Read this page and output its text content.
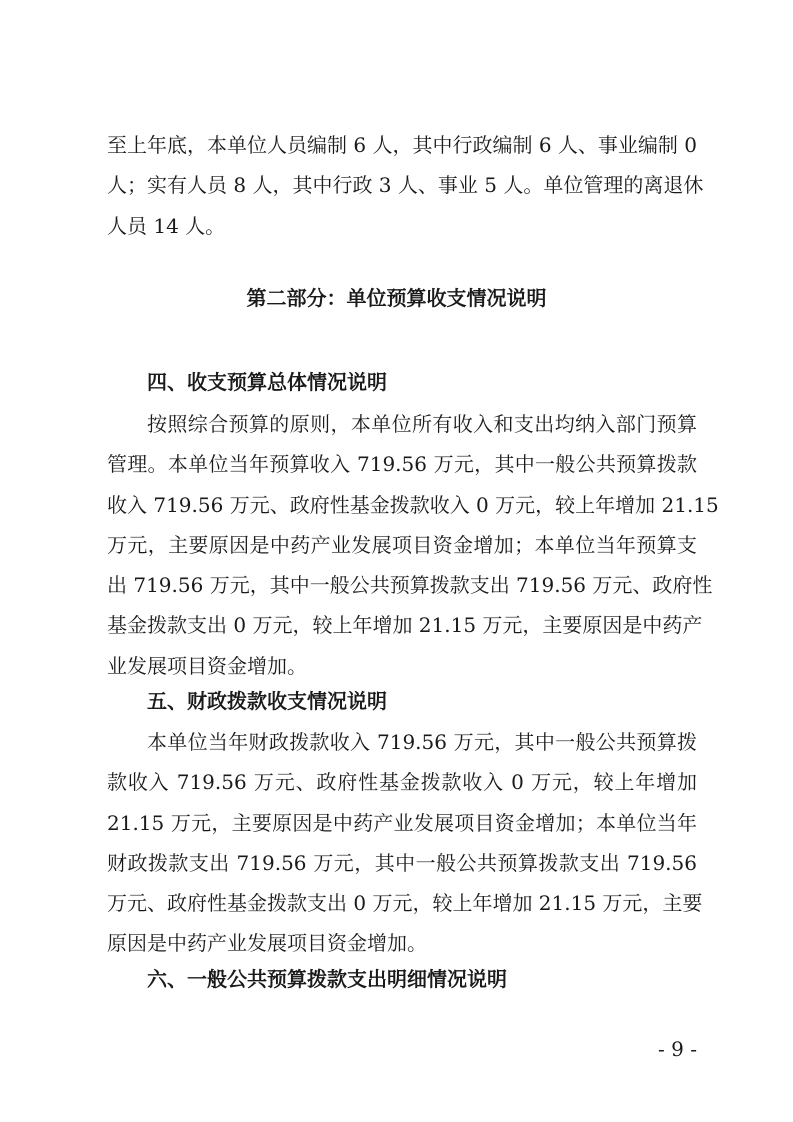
至上年底，本单位人员编制 6 人，其中行政编制 6 人、事业编制 0
人；实有人员 8 人，其中行政 3 人、事业 5 人。单位管理的离退休
人员 14 人。
第二部分：单位预算收支情况说明
四、收支预算总体情况说明
按照综合预算的原则，本单位所有收入和支出均纳入部门预算
管理。本单位当年预算收入 719.56 万元，其中一般公共预算拨款
收入 719.56 万元、政府性基金拨款收入 0 万元，较上年增加 21.15
万元，主要原因是中药产业发展项目资金增加；本单位当年预算支
出 719.56 万元，其中一般公共预算拨款支出 719.56 万元、政府性
基金拨款支出 0 万元，较上年增加 21.15 万元，主要原因是中药产
业发展项目资金增加。
五、财政拨款收支情况说明
本单位当年财政拨款收入 719.56 万元，其中一般公共预算拨
款收入 719.56 万元、政府性基金拨款收入 0 万元，较上年增加
21.15 万元，主要原因是中药产业发展项目资金增加；本单位当年
财政拨款支出 719.56 万元，其中一般公共预算拨款支出 719.56
万元、政府性基金拨款支出 0 万元，较上年增加 21.15 万元，主要
原因是中药产业发展项目资金增加。
六、一般公共预算拨款支出明细情况说明
- 9 -
